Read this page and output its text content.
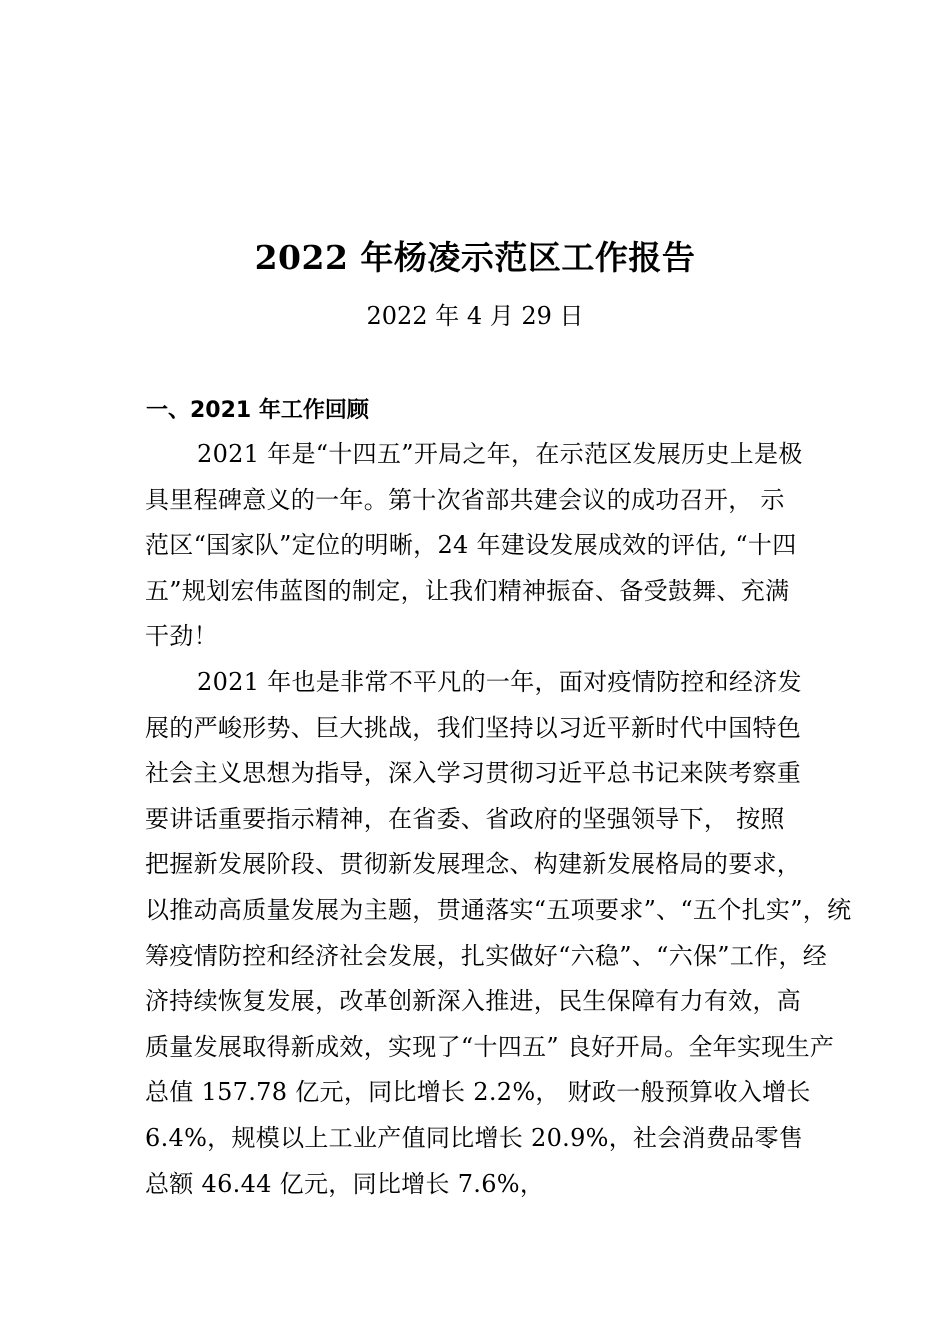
2022 年杨凌示范区工作报告
2022 年 4 月 29 日
一、2021 年工作回顾
2021 年是“十四五”开局之年，在示范区发展历史上是极
具里程碑意义的一年。第十次省部共建会议的成功召开， 示
范区“国家队”定位的明晰，24 年建设发展成效的评估, “十四
五”规划宏伟蓝图的制定，让我们精神振奋、备受鼓舞、充满
干劲！
2021 年也是非常不平凡的一年，面对疫情防控和经济发
展的严峻形势、巨大挑战，我们坚持以习近平新时代中国特色
社会主义思想为指导，深入学习贯彻习近平总书记来陕考察重
要讲话重要指示精神，在省委、省政府的坚强领导下， 按照
把握新发展阶段、贯彻新发展理念、构建新发展格局的要求，
以推动高质量发展为主题，贯通落实“五项要求”、“五个扎实”，统
筹疫情防控和经济社会发展，扎实做好“六稳”、“六保”工作，经
济持续恢复发展，改革创新深入推进，民生保障有力有效，高
质量发展取得新成效，实现了“十四五” 良好开局。全年实现生产
总值 157.78 亿元，同比增长 2.2%， 财政一般预算收入增长
6.4%，规模以上工业产值同比增长 20.9%，社会消费品零售
总额 46.44 亿元，同比增长 7.6%，
